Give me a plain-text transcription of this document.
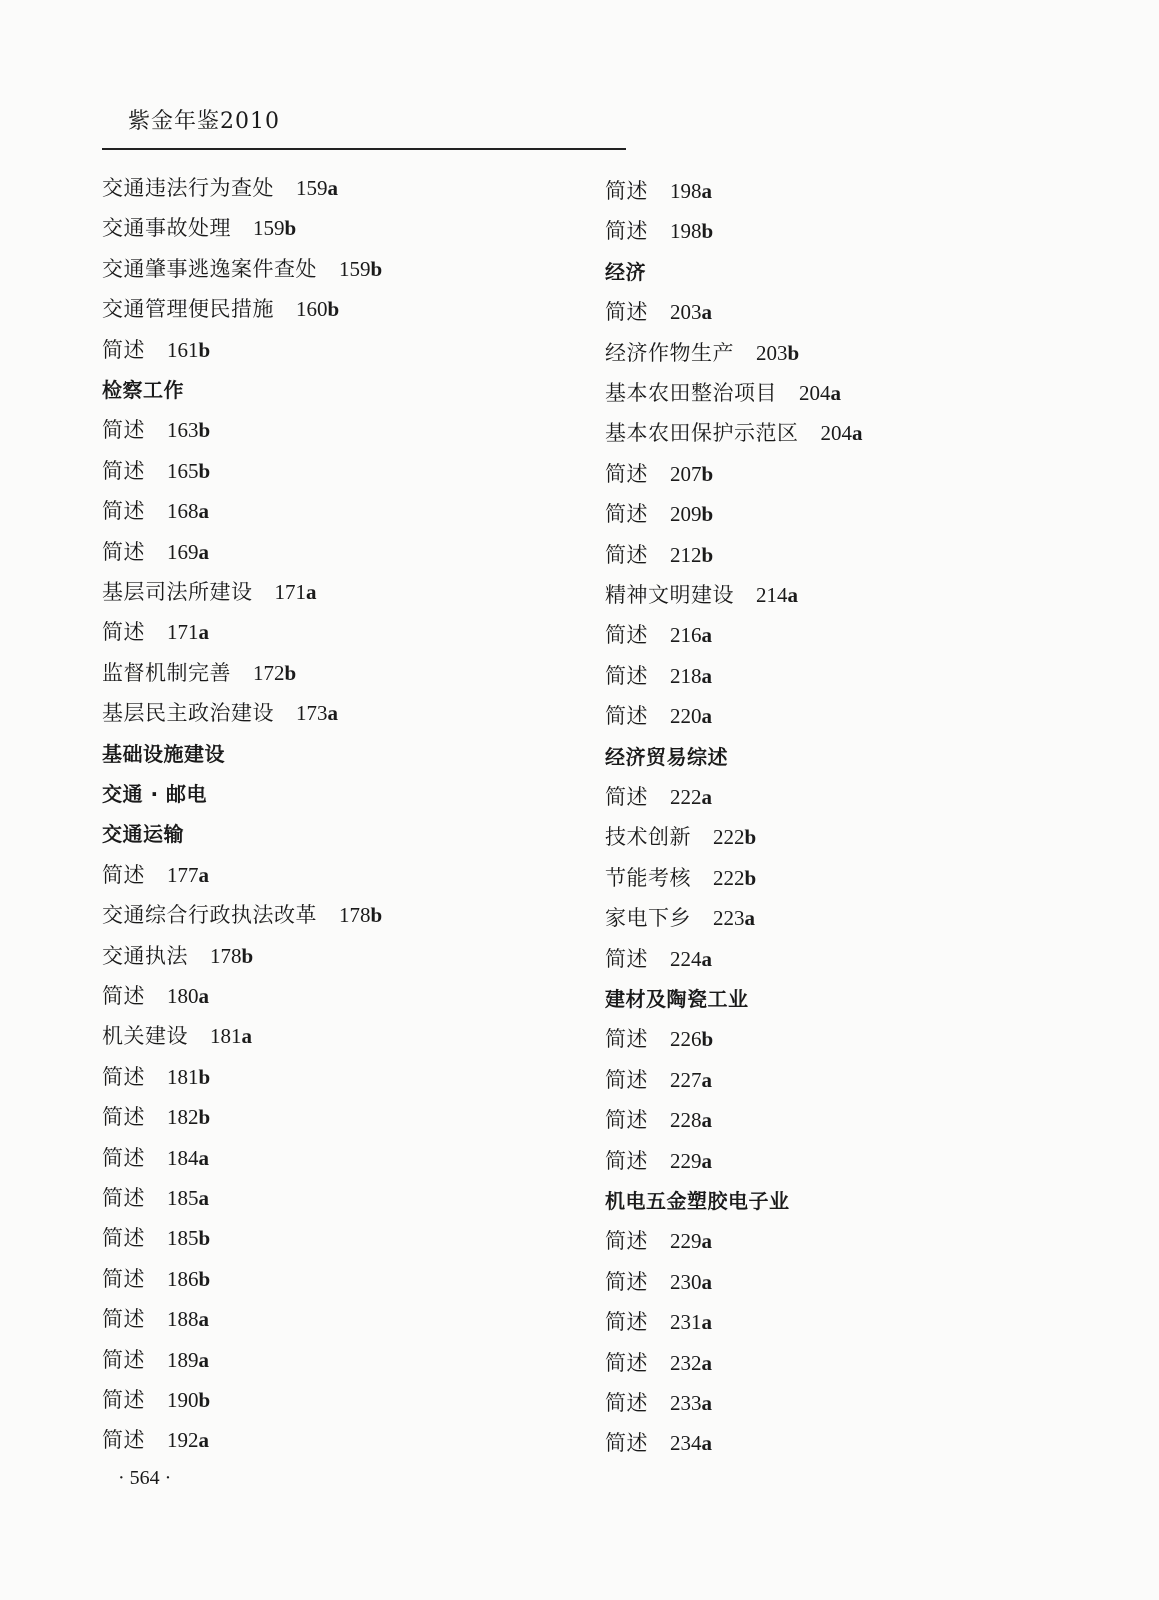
紫金年鉴2010
交通违法行为查处 159a
交通事故处理 159b
交通肇事逃逸案件查处 159b
交通管理便民措施 160b
简述 161b
检察工作
简述 163b
简述 165b
简述 168a
简述 169a
基层司法所建设 171a
简述 171a
监督机制完善 172b
基层民主政治建设 173a
基础设施建设
交通 · 邮电
交通运输
简述 177a
交通综合行政执法改革 178b
交通执法 178b
简述 180a
机关建设 181a
简述 181b
简述 182b
简述 184a
简述 185a
简述 185b
简述 186b
简述 188a
简述 189a
简述 190b
简述 192a
简述 198a
简述 198b
经济
简述 203a
经济作物生产 203b
基本农田整治项目 204a
基本农田保护示范区 204a
简述 207b
简述 209b
简述 212b
精神文明建设 214a
简述 216a
简述 218a
简述 220a
经济贸易综述
简述 222a
技术创新 222b
节能考核 222b
家电下乡 223a
简述 224a
建材及陶瓷工业
简述 226b
简述 227a
简述 228a
简述 229a
机电五金塑胶电子业
简述 229a
简述 230a
简述 231a
简述 232a
简述 233a
简述 234a
· 564 ·
